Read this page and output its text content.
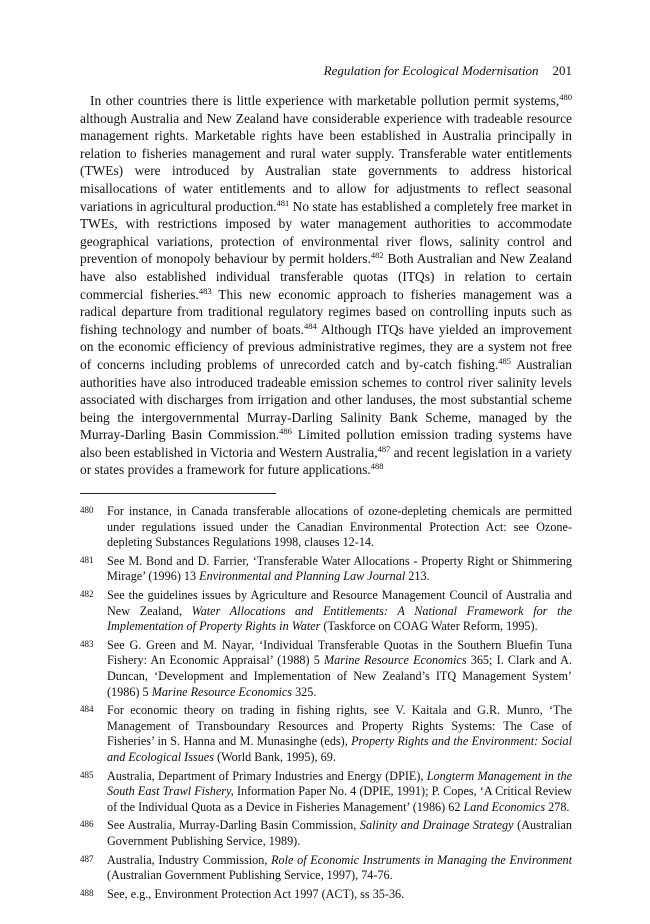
Regulation for Ecological Modernisation 201

In other countries there is little experience with marketable pollution permit systems,$^{480}$ although Australia and New Zealand have considerable experience with tradeable resource management rights. Marketable rights have been established in Australia principally in relation to fisheries management and rural water supply. Transferable water entitlements (TWEs) were introduced by Australian state governments to address historical misallocations of water entitlements and to allow for adjustments to reflect seasonal variations in agricultural production.$^{481}$ No state has established a completely free market in TWEs, with restrictions imposed by water management authorities to accommodate geographical variations, protection of environmental river flows, salinity control and prevention of monopoly behaviour by permit holders.$^{482}$ Both Australian and New Zealand have also established individual transferable quotas (ITQs) in relation to certain commercial fisheries.$^{483}$ This new economic approach to fisheries management was a radical departure from traditional regulatory regimes based on controlling inputs such as fishing technology and number of boats.$^{484}$ Although ITQs have yielded an improvement on the economic efficiency of previous administrative regimes, they are a system not free of concerns including problems of unrecorded catch and by-catch fishing.$^{485}$ Australian authorities have also introduced tradeable emission schemes to control river salinity levels associated with discharges from irrigation and other landuses, the most substantial scheme being the intergovernmental Murray-Darling Salinity Bank Scheme, managed by the Murray-Darling Basin Commission.$^{486}$ Limited pollution emission trading systems have also been established in Victoria and Western Australia,$^{487}$ and recent legislation in a variety or states provides a framework for future applications.$^{488}$

480	For instance, in Canada transferable allocations of ozone-depleting chemicals are permitted under regulations issued under the Canadian Environmental Protection Act: see Ozone-depleting Substances Regulations 1998, clauses 12-14.
481	See M. Bond and D. Farrier, ‘Transferable Water Allocations - Property Right or Shimmering Mirage’ (1996) 13 Environmental and Planning Law Journal 213.
482	See the guidelines issues by Agriculture and Resource Management Council of Australia and New Zealand, Water Allocations and Entitlements: A National Framework for the Implementation of Property Rights in Water (Taskforce on COAG Water Reform, 1995).
483	See G. Green and M. Nayar, ‘Individual Transferable Quotas in the Southern Bluefin Tuna Fishery: An Economic Appraisal’ (1988) 5 Marine Resource Economics 365; I. Clark and A. Duncan, ‘Development and Implementation of New Zealand’s ITQ Management System’ (1986) 5 Marine Resource Economics 325.
484	For economic theory on trading in fishing rights, see V. Kaitala and G.R. Munro, ‘The Management of Transboundary Resources and Property Rights Systems: The Case of Fisheries’ in S. Hanna and M. Munasinghe (eds), Property Rights and the Environment: Social and Ecological Issues (World Bank, 1995), 69.
485	Australia, Department of Primary Industries and Energy (DPIE), Longterm Management in the South East Trawl Fishery, Information Paper No. 4 (DPIE, 1991); P. Copes, ‘A Critical Review of the Individual Quota as a Device in Fisheries Management’ (1986) 62 Land Economics 278.
486	See Australia, Murray-Darling Basin Commission, Salinity and Drainage Strategy (Australian Government Publishing Service, 1989).
487	Australia, Industry Commission, Role of Economic Instruments in Managing the Environment (Australian Government Publishing Service, 1997), 74-76.
488	See, e.g., Environment Protection Act 1997 (ACT), ss 35-36.
